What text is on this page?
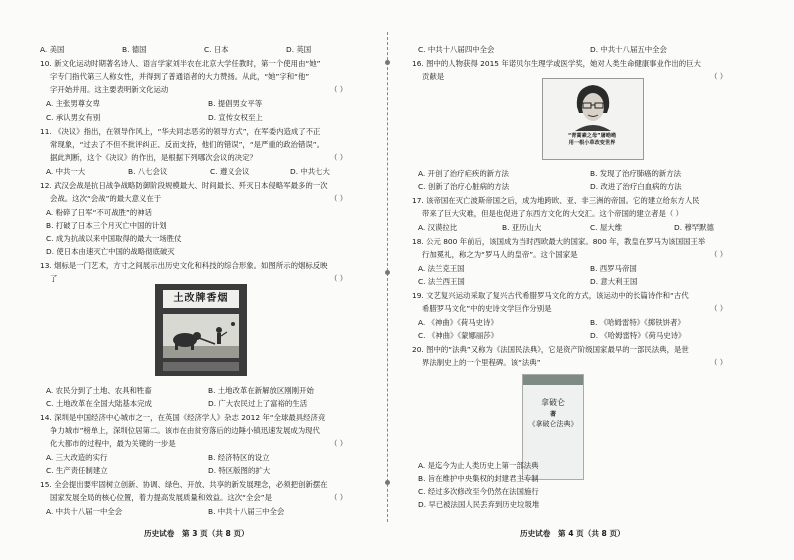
A. 美国	B. 德国	C. 日本	D. 英国
10. 新文化运动时期著名诗人、语言学家刘半农在北京大学任教时，第一个使用由“她”
字专门指代第三人称女性，并得到了普通语者的大力赞扬。从此，“她”字和“他”
字开始并用。这主要表明新文化运动	（ ）
A. 主张男尊女卑	B. 提倡男女平等
C. 承认男女有别	D. 宣传女权至上
11. 《决议》指出，在领导作风上，“华夫同志恶劣的领导方式”，在军委内造成了不正
常现象，“过去了不但不批评纠正、反而支持，他们的错误”，“是严重的政治错误”。
据此判断，这个《决议》的作出，是根据下列哪次会议的决定？	（ ）
A. 中共一大	B. 八七会议	C. 遵义会议	D. 中共七大
12. 武汉会战是抗日战争战略防御阶段规模最大、时间最长、歼灭日本侵略军最多的一次
会战。这次“会战”的最大意义在于	（ ）
A. 粉碎了日军“不可战胜”的神话
B. 打破了日本三个月灭亡中国的计划
C. 成为抗战以来中国取得的最大一场胜仗
D. 使日本由速灭亡中国的战略彻底破灭
13. 烟标是一门艺术，方寸之间展示出历史文化和科技的综合形象。如图所示的烟标反映
了	（ ）
土改牌香烟
A. 农民分到了土地、农具和牲畜	B. 土地改革在新解放区刚刚开始
C. 土地改革在全国大陆基本完成	D. 广大农民过上了富裕的生活
14. 深圳是中国经济中心城市之一，在英国《经济学人》杂志 2012 年“全球最具经济竞
争力城市”榜单上，深圳位居第二。该市在由贫穷落后的边陲小镇迅速发展成为现代
化大都市的过程中，最为关键的一步是	（ ）
A. 三大改造的实行	B. 经济特区的设立
C. 生产责任制建立	D. 特区版图的扩大
15. 全会提出要牢固树立创新、协调、绿色、开放、共享的新发展理念，必须把创新摆在
国家发展全局的核心位置，着力提高发展质量和效益。这次“全会”是	（ ）
A. 中共十八届一中全会	B. 中共十八届三中全会
历史试卷　第 3 页（共 8 页）
C. 中共十八届四中全会	D. 中共十八届五中全会
16. 图中的人物获得 2015 年诺贝尔生理学或医学奖，她对人类生命健康事业作出的巨大
贡献是	（ ）
“青蒿素之母”屠呦呦
用一根小草改变世界
A. 开创了治疗疟疾的新方法	B. 发现了治疗肺癌的新方法
C. 创新了治疗心脏病的方法	D. 改进了治疗白血病的方法
17. 该帝国在灭亡波斯帝国之后，成为地跨欧、亚、非三洲的帝国。它的建立给东方人民
带来了巨大灾难，但是也促进了东西方文化的大交汇。这个帝国的建立者是（ ）
A. 汉谟拉比	B. 亚历山大	C. 屋大维	D. 穆罕默德
18. 公元 800 年前后，该国成为当时西欧最大的国家。800 年，教皇在罗马为该国国王举
行加冕礼，称之为“罗马人的皇帝”。这个国家是	（ ）
A. 法兰克王国	B. 西罗马帝国
C. 法兰西王国	D. 意大利王国
19. 文艺复兴运动采取了复兴古代希腊罗马文化的方式，该运动中的长篇诗作和“古代
希腊罗马文化”中的史诗文学巨作分别是	（ ）
A. 《神曲》《荷马史诗》	B. 《哈姆雷特》《掷铁饼者》
C. 《神曲》《蒙娜丽莎》	D. 《哈姆雷特》《荷马史诗》
20. 图中的“法典”又称为《法国民法典》，它是资产阶级国家最早的一部民法典，是世
界法制史上的一个里程碑。该“法典”	（ ）
拿破仑
著
《拿破仑法典》
A. 是迄今为止人类历史上第一部法典
B. 旨在维护中央集权的封建君主专制
C. 经过多次修改至今仍然在法国施行
D. 早已被法国人民丢弃到历史垃圾堆
历史试卷　第 4 页（共 8 页）
